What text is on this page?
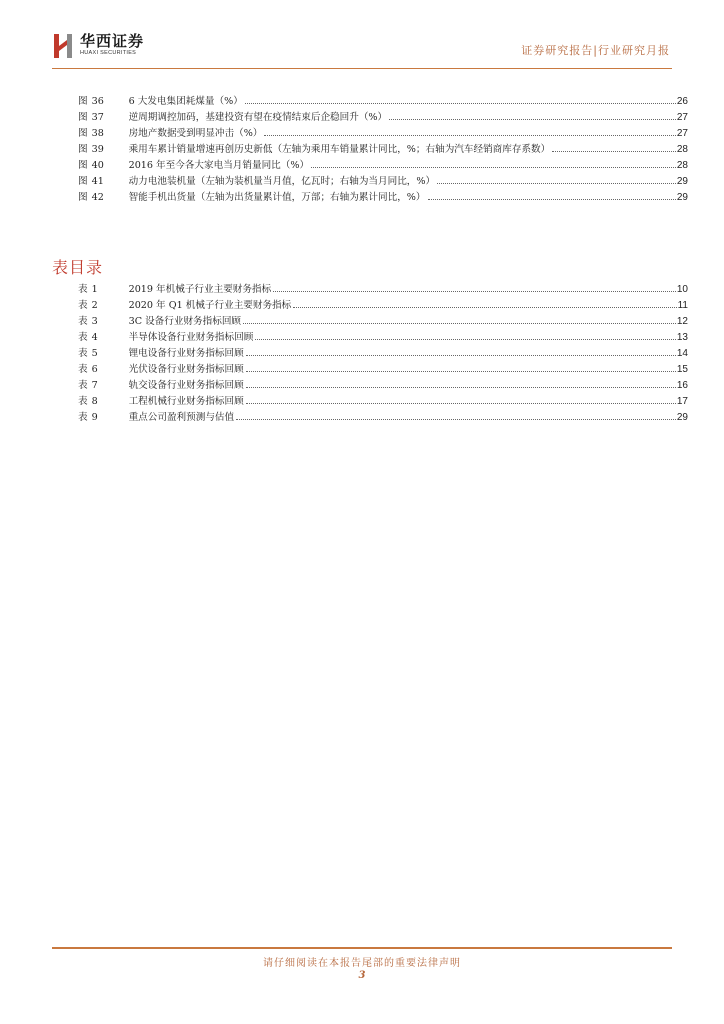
华西证券
HUAXI SECURITIES	证券研究报告|行业研究月报
图 36	6 大发电集团耗煤量（%）	26
图 37	逆周期调控加码，基建投资有望在疫情结束后企稳回升（%）	27
图 38	房地产数据受到明显冲击（%）	27
图 39	乘用车累计销量增速再创历史新低（左轴为乘用车销量累计同比，%；右轴为汽车经销商库存系数）	28
图 40	2016 年至今各大家电当月销量同比（%）	28
图 41	动力电池装机量（左轴为装机量当月值，亿瓦时；右轴为当月同比，%）	29
图 42	智能手机出货量（左轴为出货量累计值，万部；右轴为累计同比，%）	29
表目录
表 1	2019 年机械子行业主要财务指标	10
表 2	2020 年 Q1 机械子行业主要财务指标	11
表 3	3C 设备行业财务指标回顾	12
表 4	半导体设备行业财务指标回顾	13
表 5	锂电设备行业财务指标回顾	14
表 6	光伏设备行业财务指标回顾	15
表 7	轨交设备行业财务指标回顾	16
表 8	工程机械行业财务指标回顾	17
表 9	重点公司盈利预测与估值	29
请仔细阅读在本报告尾部的重要法律声明
3
